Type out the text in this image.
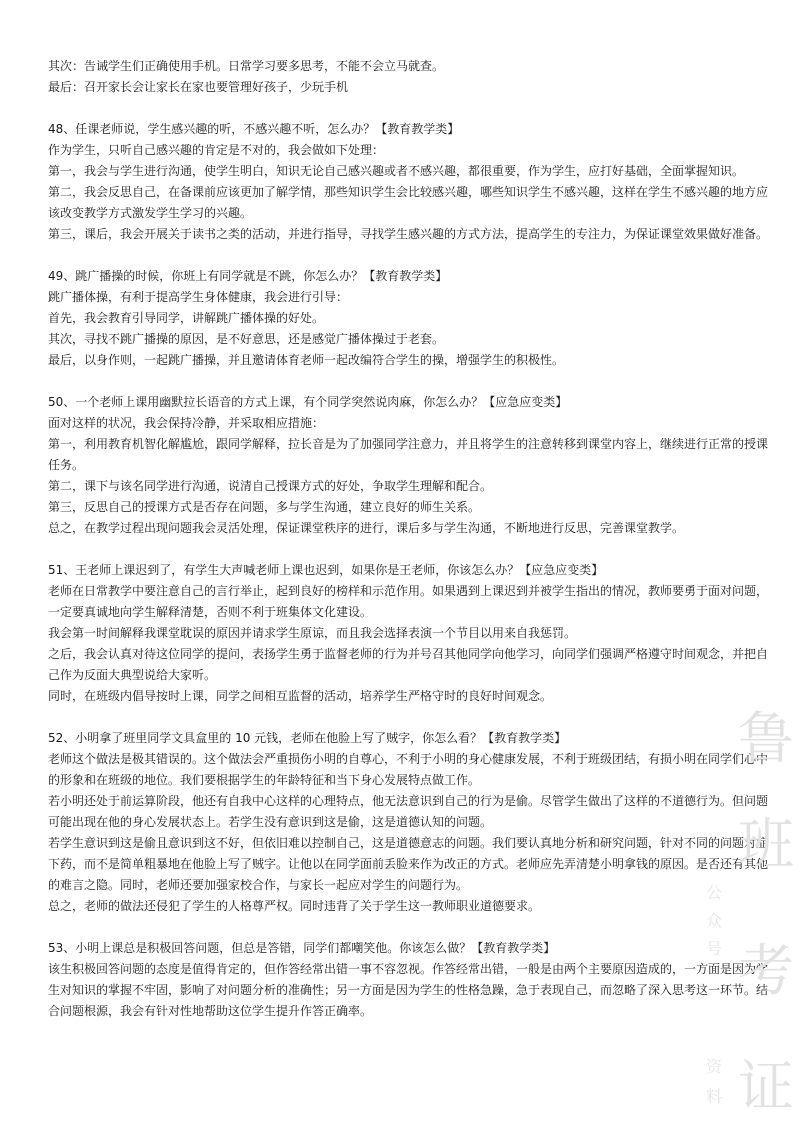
其次：告诫学生们正确使用手机。日常学习要多思考，不能不会立马就查。
最后：召开家长会让家长在家也要管理好孩子，少玩手机
48、任课老师说，学生感兴趣的听，不感兴趣不听，怎么办？【教育教学类】
作为学生，只听自己感兴趣的肯定是不对的，我会做如下处理：
第一，我会与学生进行沟通，使学生明白，知识无论自己感兴趣或者不感兴趣，都很重要，作为学生，应打好基础，全面掌握知识。
第二，我会反思自己，在备课前应该更加了解学情，那些知识学生会比较感兴趣，哪些知识学生不感兴趣，这样在学生不感兴趣的地方应该改变教学方式激发学生学习的兴趣。
第三，课后，我会开展关于读书之类的活动，并进行指导，寻找学生感兴趣的方式方法，提高学生的专注力，为保证课堂效果做好准备。
49、跳广播操的时候，你班上有同学就是不跳，你怎么办？【教育教学类】
跳广播体操，有利于提高学生身体健康，我会进行引导：
首先，我会教育引导同学，讲解跳广播体操的好处。
其次，寻找不跳广播操的原因，是不好意思，还是感觉广播体操过于老套。
最后，以身作则，一起跳广播操，并且邀请体育老师一起改编符合学生的操，增强学生的积极性。
50、一个老师上课用幽默拉长语音的方式上课，有个同学突然说肉麻，你怎么办？【应急应变类】
面对这样的状况，我会保持冷静，并采取相应措施：
第一，利用教育机智化解尴尬，跟同学解释，拉长音是为了加强同学注意力，并且将学生的注意转移到课堂内容上，继续进行正常的授课任务。
第二，课下与该名同学进行沟通，说清自己授课方式的好处，争取学生理解和配合。
第三，反思自己的授课方式是否存在问题，多与学生沟通，建立良好的师生关系。
总之，在教学过程出现问题我会灵活处理，保证课堂秩序的进行，课后多与学生沟通，不断地进行反思，完善课堂教学。
51、王老师上课迟到了，有学生大声喊老师上课也迟到，如果你是王老师，你该怎么办？【应急应变类】
老师在日常教学中要注意自己的言行举止，起到良好的榜样和示范作用。如果遇到上课迟到并被学生指出的情况，教师要勇于面对问题，一定要真诚地向学生解释清楚，否则不利于班集体文化建设。
我会第一时间解释我课堂耽误的原因并请求学生原谅，而且我会选择表演一个节目以用来自我惩罚。
之后，我会认真对待这位同学的提问，表扬学生勇于监督老师的行为并号召其他同学向他学习，向同学们强调严格遵守时间观念，并把自己作为反面大典型说给大家听。
同时，在班级内倡导按时上课，同学之间相互监督的活动，培养学生严格守时的良好时间观念。
52、小明拿了班里同学文具盒里的 10 元钱，老师在他脸上写了贼字，你怎么看？【教育教学类】
老师这个做法是极其错误的。这个做法会严重损伤小明的自尊心，不利于小明的身心健康发展，不利于班级团结，有损小明在同学们心中的形象和在班级的地位。我们要根据学生的年龄特征和当下身心发展特点做工作。
若小明还处于前运算阶段，他还有自我中心这样的心理特点，他无法意识到自己的行为是偷。尽管学生做出了这样的不道德行为。但问题可能出现在他的身心发展状态上。若学生没有意识到这是偷，这是道德认知的问题。
若学生意识到这是偷且意识到这不好，但依旧难以控制自己，这是道德意志的问题。我们要认真地分析和研究问题，针对不同的问题对症下药，而不是简单粗暴地在他脸上写了贼字。让他以在同学面前丢脸来作为改正的方式。老师应先弄清楚小明拿钱的原因。是否还有其他的难言之隐。同时，老师还要加强家校合作，与家长一起应对学生的问题行为。
总之，老师的做法还侵犯了学生的人格尊严权。同时违背了关于学生这一教师职业道德要求。
53、小明上课总是积极回答问题，但总是答错，同学们都嘲笑他。你该怎么做？【教育教学类】
该生积极回答问题的态度是值得肯定的，但作答经常出错一事不容忽视。作答经常出错，一般是由两个主要原因造成的，一方面是因为学生对知识的掌握不牢固，影响了对问题分析的准确性；另一方面是因为学生的性格急躁，急于表现自己，而忽略了深入思考这一环节。结合问题根源，我会有针对性地帮助这位学生提升作答正确率。
鲁
班
考
证
公
众
号
资
料
